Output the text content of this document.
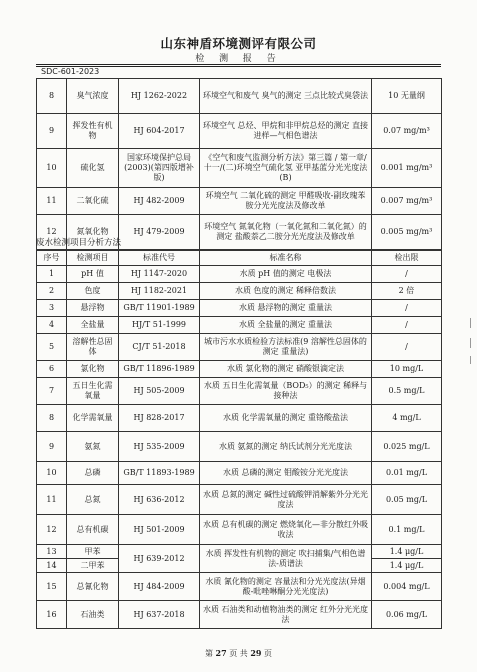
山东神盾环境测评有限公司
检 测 报 告
SDC-601-2023
8	臭气浓度	HJ 1262-2022	环境空气和废气 臭气的测定 三点比较式臭袋法	10 无量纲
9	挥发性有机物	HJ 604-2017	环境空气 总烃、甲烷和非甲烷总烃的测定 直接进样—气相色谱法	0.07 mg/m³
10	硫化氢	国家环境保护总局(2003)(第四版增补版)	《空气和废气监测分析方法》第三篇 / 第一章/十一/(二)环境空气硫化氢 亚甲基蓝分光光度法(B)	0.001 mg/m³
11	二氧化硫	HJ 482-2009	环境空气 二氧化硫的测定 甲醛吸收-副玫瑰苯胺分光光度法及修改单	0.007 mg/m³
12	氮氧化物	HJ 479-2009	环境空气 氮氧化物（一氧化氮和二氧化氮）的测定 盐酸萘乙二胺分光光度法及修改单	0.005 mg/m³
废水检测项目分析方法
序号	检测项目	标准代号	标准名称	检出限
1	pH 值	HJ 1147-2020	水质 pH 值的测定 电极法	/
2	色度	HJ 1182-2021	水质 色度的测定 稀释倍数法	2 倍
3	悬浮物	GB/T 11901-1989	水质 悬浮物的测定 重量法	/
4	全盐量	HJ/T 51-1999	水质 全盐量的测定 重量法	/
5	溶解性总固体	CJ/T 51-2018	城市污水水质检验方法标准(9 溶解性总固体的测定 重量法)	/
6	氯化物	GB/T 11896-1989	水质 氯化物的测定 硝酸银滴定法	10 mg/L
7	五日生化需氧量	HJ 505-2009	水质 五日生化需氧量（BOD₅）的测定 稀释与接种法	0.5 mg/L
8	化学需氧量	HJ 828-2017	水质 化学需氧量的测定 重铬酸盐法	4 mg/L
9	氨氮	HJ 535-2009	水质 氨氮的测定 纳氏试剂分光光度法	0.025 mg/L
10	总磷	GB/T 11893-1989	水质 总磷的测定 钼酸铵分光光度法	0.01 mg/L
11	总氮	HJ 636-2012	水质 总氮的测定 碱性过硫酸钾消解紫外分光光度法	0.05 mg/L
12	总有机碳	HJ 501-2009	水质 总有机碳的测定 燃烧氧化—非分散红外吸收法	0.1 mg/L
13	甲苯	HJ 639-2012	水质 挥发性有机物的测定 吹扫捕集/气相色谱法-质谱法	1.4 μg/L
14	二甲苯			1.4 μg/L
15	总氰化物	HJ 484-2009	水质 氰化物的测定 容量法和分光光度法(异烟酸-吡唑啉酮分光光度法)	0.004 mg/L
16	石油类	HJ 637-2018	水质 石油类和动植物油类的测定 红外分光光度法	0.06 mg/L
第 27 页 共 29 页
